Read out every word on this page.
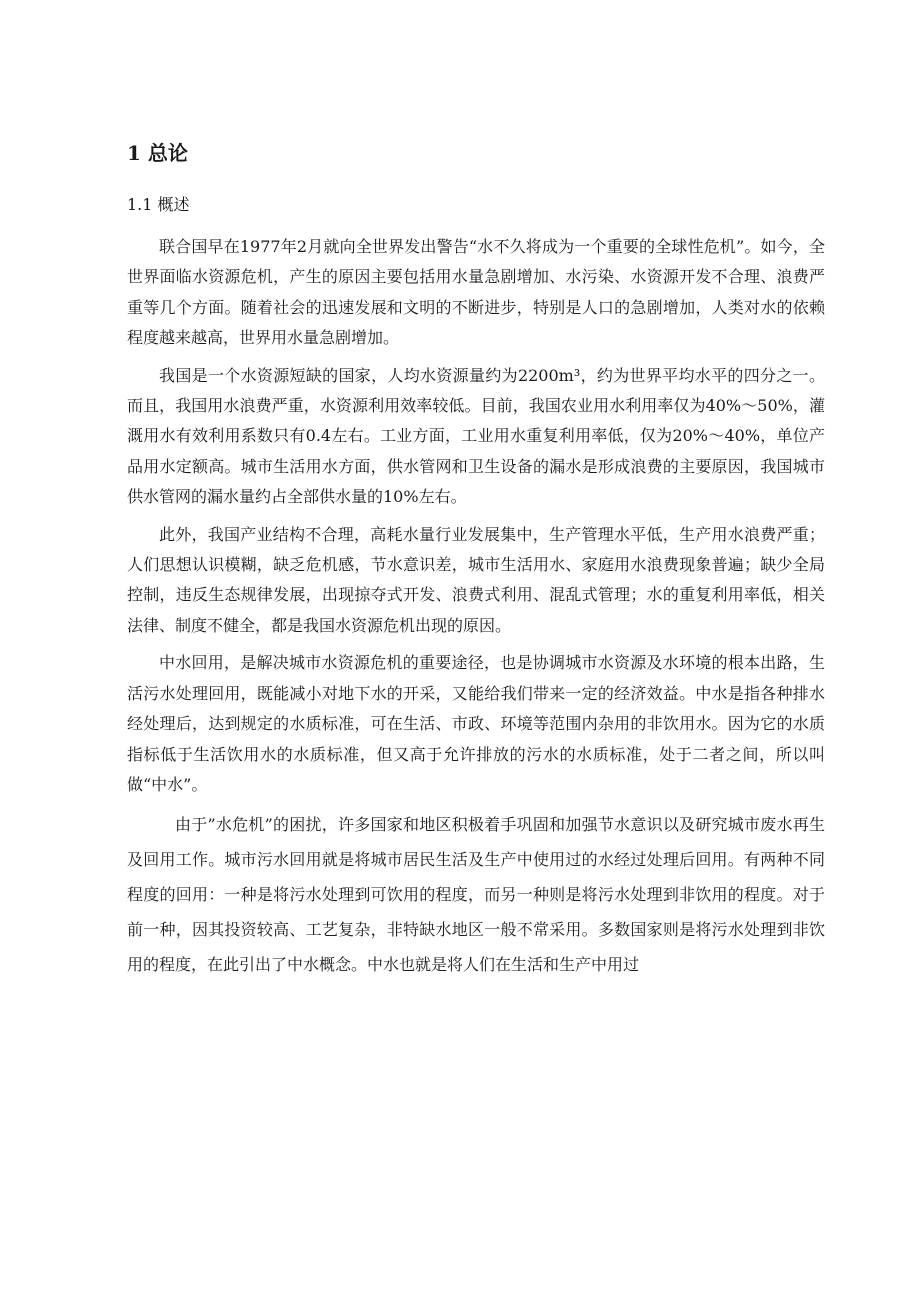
1 总论
1.1 概述

联合国早在1977年2月就向全世界发出警告“水不久将成为一个重要的全球性危机”。如今，全世界面临水资源危机，产生的原因主要包括用水量急剧增加、水污染、水资源开发不合理、浪费严重等几个方面。随着社会的迅速发展和文明的不断进步，特别是人口的急剧增加，人类对水的依赖程度越来越高，世界用水量急剧增加。

我国是一个水资源短缺的国家，人均水资源量约为2200m³，约为世界平均水平的四分之一。而且，我国用水浪费严重，水资源利用效率较低。目前，我国农业用水利用率仅为40%～50%，灌溉用水有效利用系数只有0.4左右。工业方面，工业用水重复利用率低，仅为20%～40%，单位产品用水定额高。城市生活用水方面，供水管网和卫生设备的漏水是形成浪费的主要原因，我国城市供水管网的漏水量约占全部供水量的10%左右。

此外，我国产业结构不合理，高耗水量行业发展集中，生产管理水平低，生产用水浪费严重；人们思想认识模糊，缺乏危机感，节水意识差，城市生活用水、家庭用水浪费现象普遍；缺少全局控制，违反生态规律发展，出现掠夺式开发、浪费式利用、混乱式管理；水的重复利用率低，相关法律、制度不健全，都是我国水资源危机出现的原因。

中水回用，是解决城市水资源危机的重要途径，也是协调城市水资源及水环境的根本出路，生活污水处理回用，既能减小对地下水的开采，又能给我们带来一定的经济效益。中水是指各种排水经处理后，达到规定的水质标准，可在生活、市政、环境等范围内杂用的非饮用水。因为它的水质指标低于生活饮用水的水质标准，但又高于允许排放的污水的水质标准，处于二者之间，所以叫做“中水”。

由于”水危机”的困扰，许多国家和地区积极着手巩固和加强节水意识以及研究城市废水再生及回用工作。城市污水回用就是将城市居民生活及生产中使用过的水经过处理后回用。有两种不同程度的回用：一种是将污水处理到可饮用的程度，而另一种则是将污水处理到非饮用的程度。对于前一种，因其投资较高、工艺复杂，非特缺水地区一般不常采用。多数国家则是将污水处理到非饮用的程度，在此引出了中水概念。中水也就是将人们在生活和生产中用过
